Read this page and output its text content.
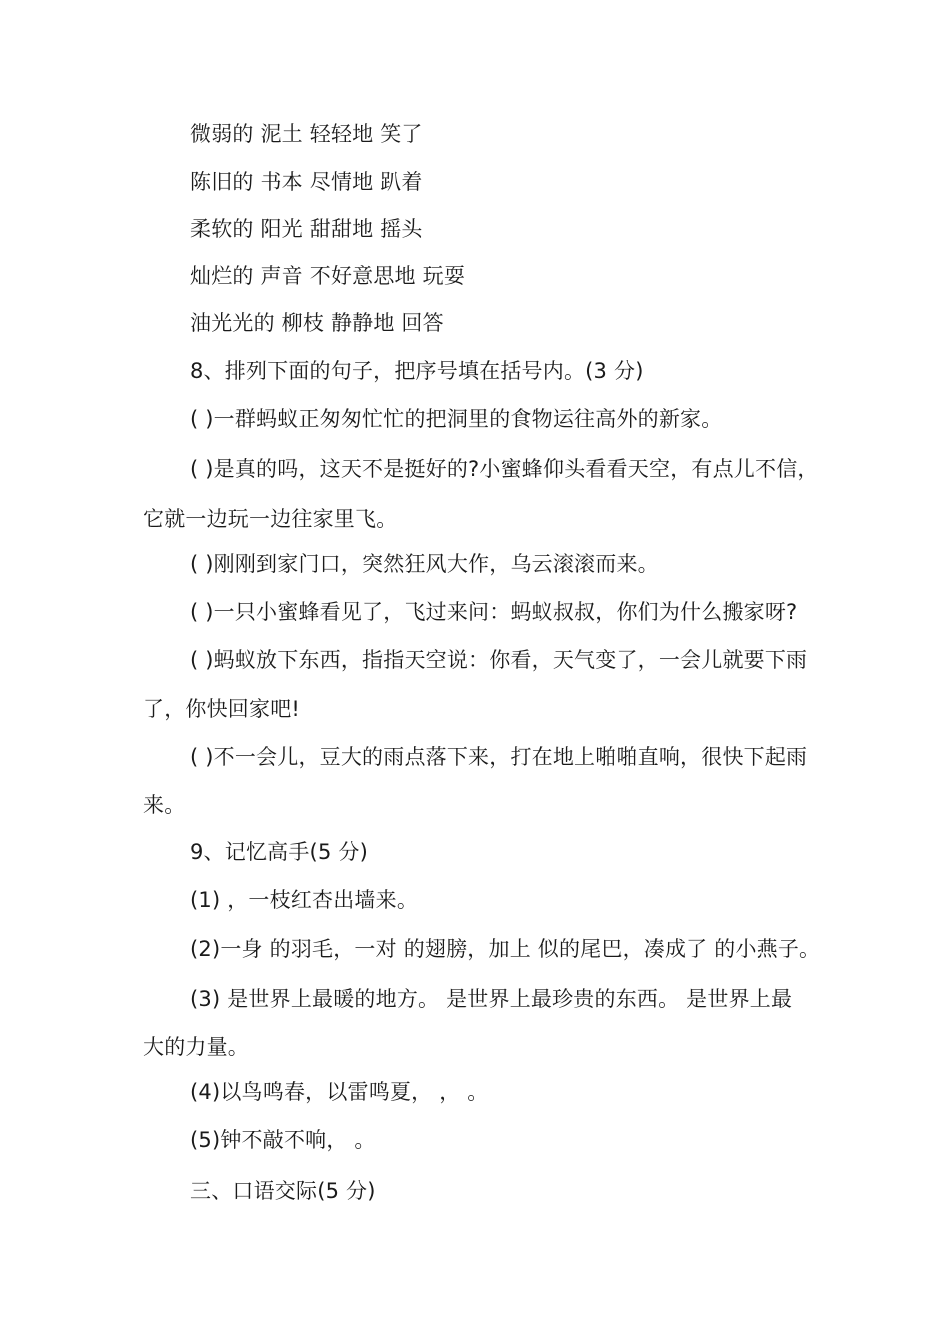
微弱的 泥土 轻轻地 笑了
陈旧的 书本 尽情地 趴着
柔软的 阳光 甜甜地 摇头
灿烂的 声音 不好意思地 玩耍
油光光的 柳枝 静静地 回答
8、排列下面的句子，把序号填在括号内。(3 分)
( )一群蚂蚁正匆匆忙忙的把洞里的食物运往高外的新家。
( )是真的吗，这天不是挺好的?小蜜蜂仰头看看天空，有点儿不信，
它就一边玩一边往家里飞。
( )刚刚到家门口，突然狂风大作，乌云滚滚而来。
( )一只小蜜蜂看见了，飞过来问：蚂蚁叔叔，你们为什么搬家呀?
( )蚂蚁放下东西，指指天空说：你看，天气变了，一会儿就要下雨
了，你快回家吧!
( )不一会儿，豆大的雨点落下来，打在地上啪啪直响，很快下起雨
来。
9、记忆高手(5 分)
(1) ，一枝红杏出墙来。
(2)一身 的羽毛，一对 的翅膀，加上 似的尾巴，凑成了 的小燕子。
(3) 是世界上最暖的地方。 是世界上最珍贵的东西。 是世界上最
大的力量。
(4)以鸟鸣春，以雷鸣夏， ， 。
(5)钟不敲不响， 。
三、口语交际(5 分)
